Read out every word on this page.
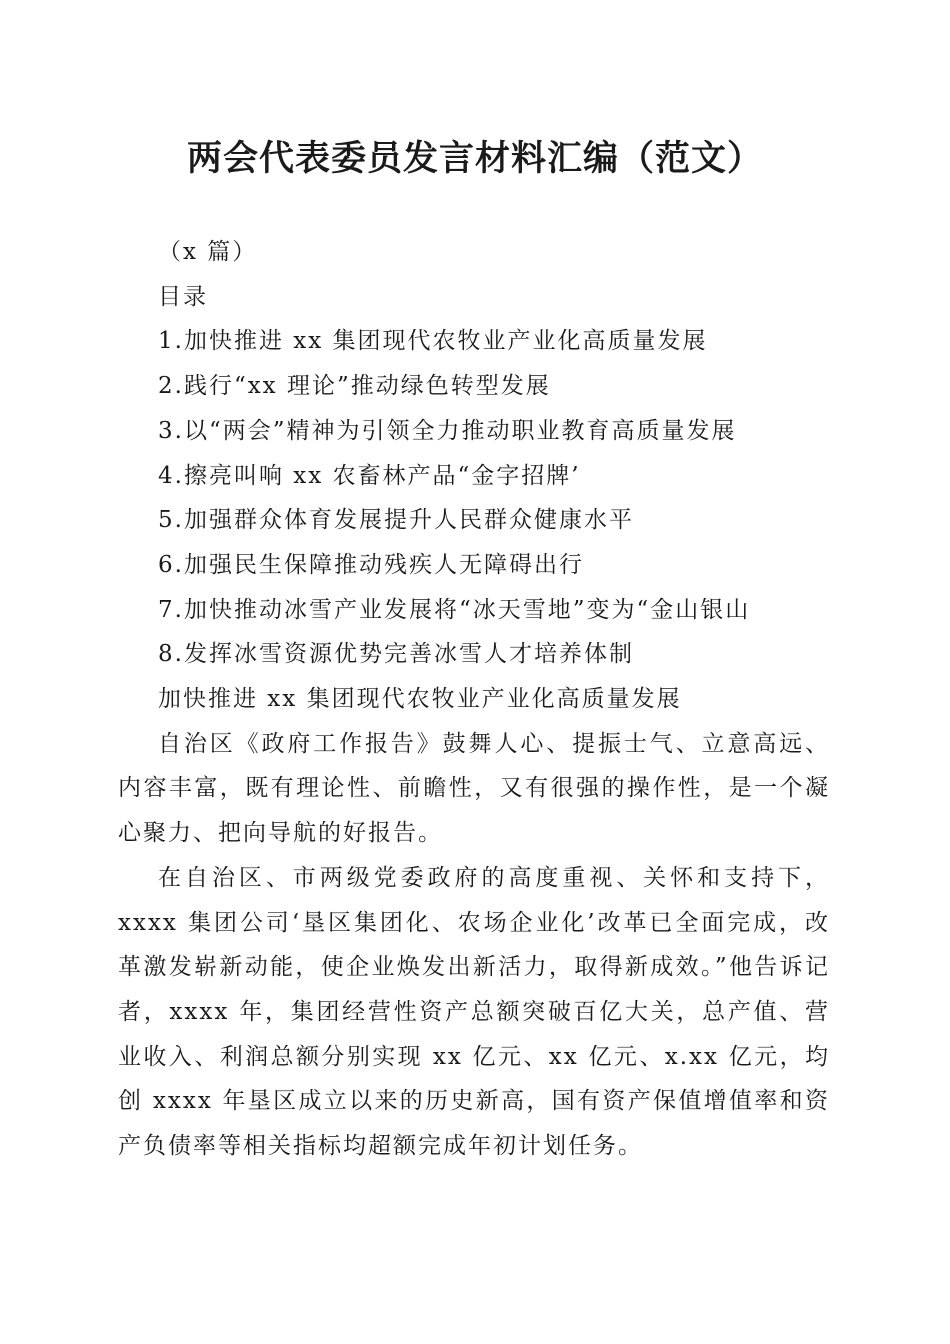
两会代表委员发言材料汇编（范文）

（x 篇）

目录

1.加快推进 xx 集团现代农牧业产业化高质量发展
2.践行“xx 理论”推动绿色转型发展
3.以“两会”精神为引领全力推动职业教育高质量发展
4.擦亮叫响 xx 农畜林产品“金字招牌’
5.加强群众体育发展提升人民群众健康水平
6.加强民生保障推动残疾人无障碍出行
7.加快推动冰雪产业发展将“冰天雪地”变为“金山银山
8.发挥冰雪资源优势完善冰雪人才培养体制

加快推进 xx 集团现代农牧业产业化高质量发展

自治区《政府工作报告》鼓舞人心、提振士气、立意高远、内容丰富，既有理论性、前瞻性，又有很强的操作性，是一个凝心聚力、把向导航的好报告。

在自治区、市两级党委政府的高度重视、关怀和支持下，xxxx 集团公司‘垦区集团化、农场企业化’改革已全面完成，改革激发崭新动能，使企业焕发出新活力，取得新成效。”他告诉记者，xxxx 年，集团经营性资产总额突破百亿大关，总产值、营业收入、利润总额分别实现 xx 亿元、xx 亿元、x.xx 亿元，均创 xxxx 年垦区成立以来的历史新高，国有资产保值增值率和资产负债率等相关指标均超额完成年初计划任务。
